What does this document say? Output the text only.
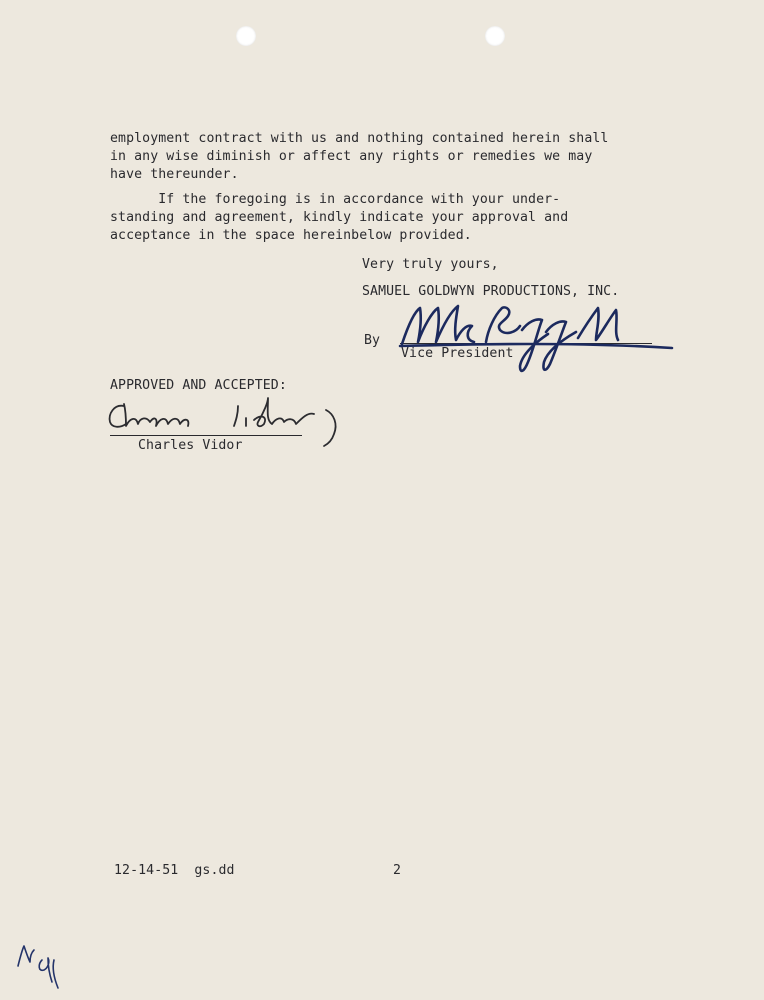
employment contract with us and nothing contained herein shall
in any wise diminish or affect any rights or remedies we may
have thereunder.
If the foregoing is in accordance with your under-
standing and agreement, kindly indicate your approval and
acceptance in the space hereinbelow provided.
Very truly yours,
SAMUEL GOLDWYN PRODUCTIONS, INC.
By
Vice President
APPROVED AND ACCEPTED:
Charles Vidor
12-14-51  gs.dd	2
